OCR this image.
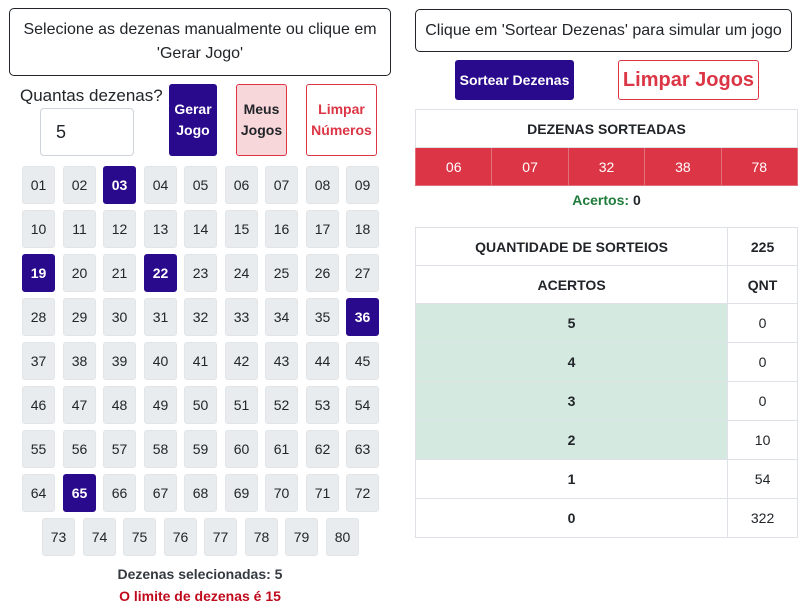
Selecione as dezenas manualmente ou clique em 'Gerar Jogo'
Quantas dezenas?
5
Gerar
Jogo
Meus
Jogos
Limpar
Números
01	02	03	04	05	06	07	08	09
10	11	12	13	14	15	16	17	18
19	20	21	22	23	24	25	26	27
28	29	30	31	32	33	34	35	36
37	38	39	40	41	42	43	44	45
46	47	48	49	50	51	52	53	54
55	56	57	58	59	60	61	62	63
64	65	66	67	68	69	70	71	72
73	74	75	76	77	78	79	80
Dezenas selecionadas: 5
O limite de dezenas é 15
Clique em 'Sortear Dezenas' para simular um jogo
Sortear Dezenas	Limpar Jogos
DEZENAS SORTEADAS
06	07	32	38	78
Acertos: 0
QUANTIDADE DE SORTEIOS	225
ACERTOS	QNT
5	0
4	0
3	0
2	10
1	54
0	322
